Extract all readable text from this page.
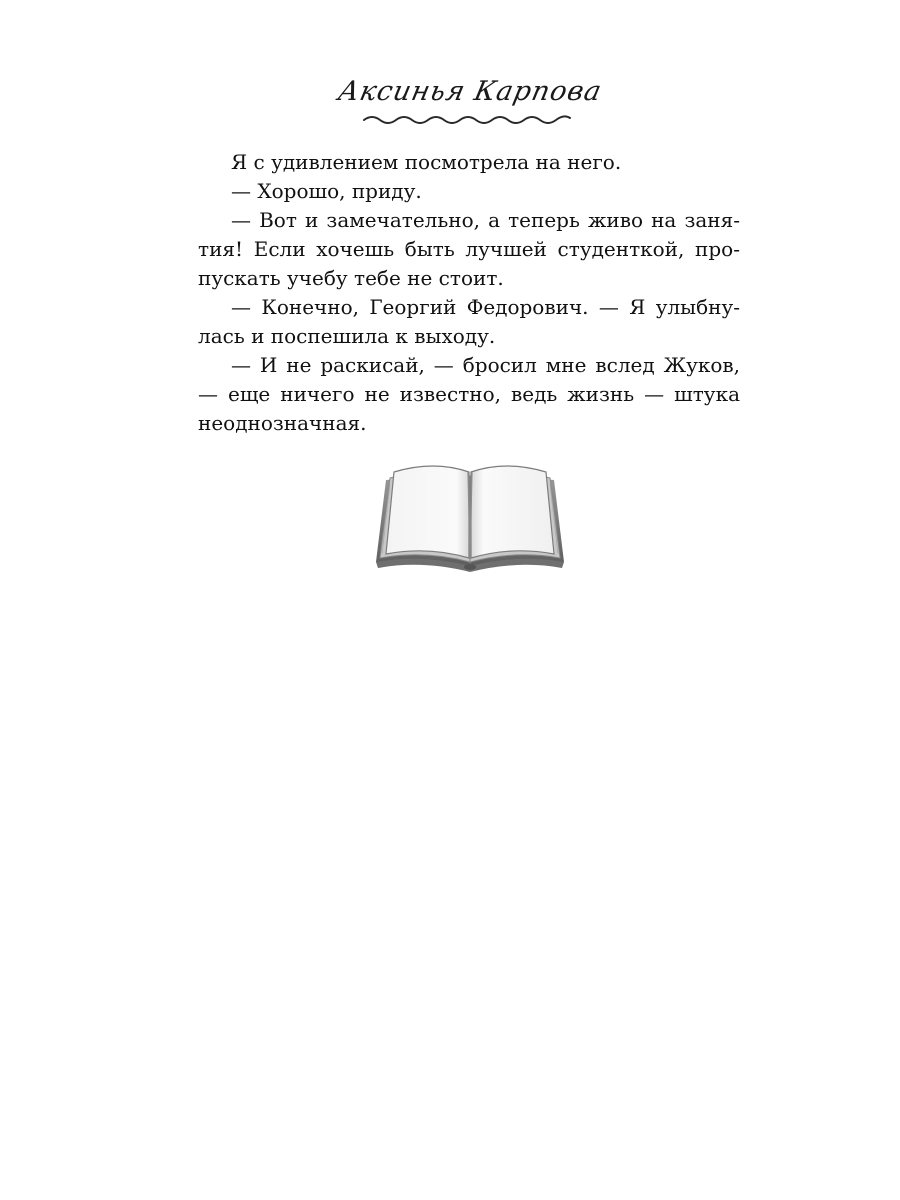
Аксинья Карпова

Я с удивлением посмотрела на него.

— Хорошо, приду.

— Вот и замечательно, а теперь живо на занятия! Если хочешь быть лучшей студенткой, пропускать учебу тебе не стоит.

— Конечно, Георгий Федорович. — Я улыбнулась и поспешила к выходу.

— И не раскисай, — бросил мне вслед Жуков, — еще ничего не известно, ведь жизнь — штука неоднозначная.
